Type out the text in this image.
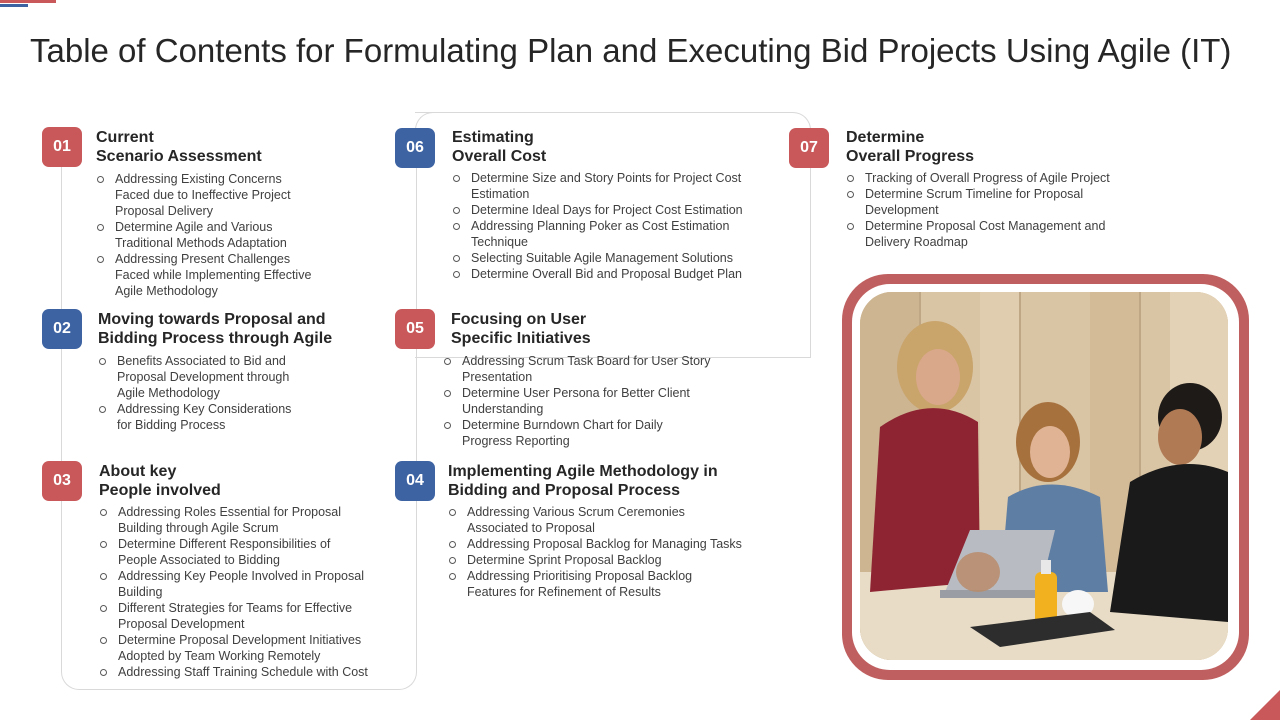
Table of Contents for Formulating Plan and Executing Bid Projects Using Agile (IT)
01
Current
Scenario Assessment
Addressing Existing Concerns
Faced due to Ineffective Project
Proposal Delivery
Determine Agile and Various
Traditional Methods Adaptation
Addressing Present Challenges
Faced while Implementing Effective
Agile Methodology
02
Moving towards Proposal and
Bidding Process through Agile
Benefits Associated to Bid and
Proposal Development through
Agile Methodology
Addressing Key Considerations
for Bidding Process
03
About key
People involved
Addressing Roles Essential for Proposal
Building through Agile Scrum
Determine Different Responsibilities of
People Associated to Bidding
Addressing Key People Involved in Proposal
Building
Different Strategies for Teams for Effective
Proposal Development
Determine Proposal Development Initiatives
Adopted by Team Working Remotely
Addressing Staff Training Schedule with Cost
06
Estimating
Overall Cost
Determine Size and Story Points for Project Cost
Estimation
Determine Ideal Days for Project Cost Estimation
Addressing Planning Poker as Cost Estimation
Technique
Selecting Suitable Agile Management Solutions
Determine Overall Bid and Proposal Budget Plan
05
Focusing on User
Specific Initiatives
Addressing Scrum Task Board for User Story
Presentation
Determine User Persona for Better Client
Understanding
Determine Burndown Chart for Daily
Progress Reporting
04
Implementing Agile Methodology in
Bidding and Proposal Process
Addressing Various Scrum Ceremonies
Associated to Proposal
Addressing Proposal Backlog for Managing Tasks
Determine Sprint Proposal Backlog
Addressing Prioritising Proposal Backlog
Features for Refinement of Results
07
Determine
Overall Progress
Tracking of Overall Progress of Agile Project
Determine Scrum Timeline for Proposal
Development
Determine Proposal Cost Management and
Delivery Roadmap
